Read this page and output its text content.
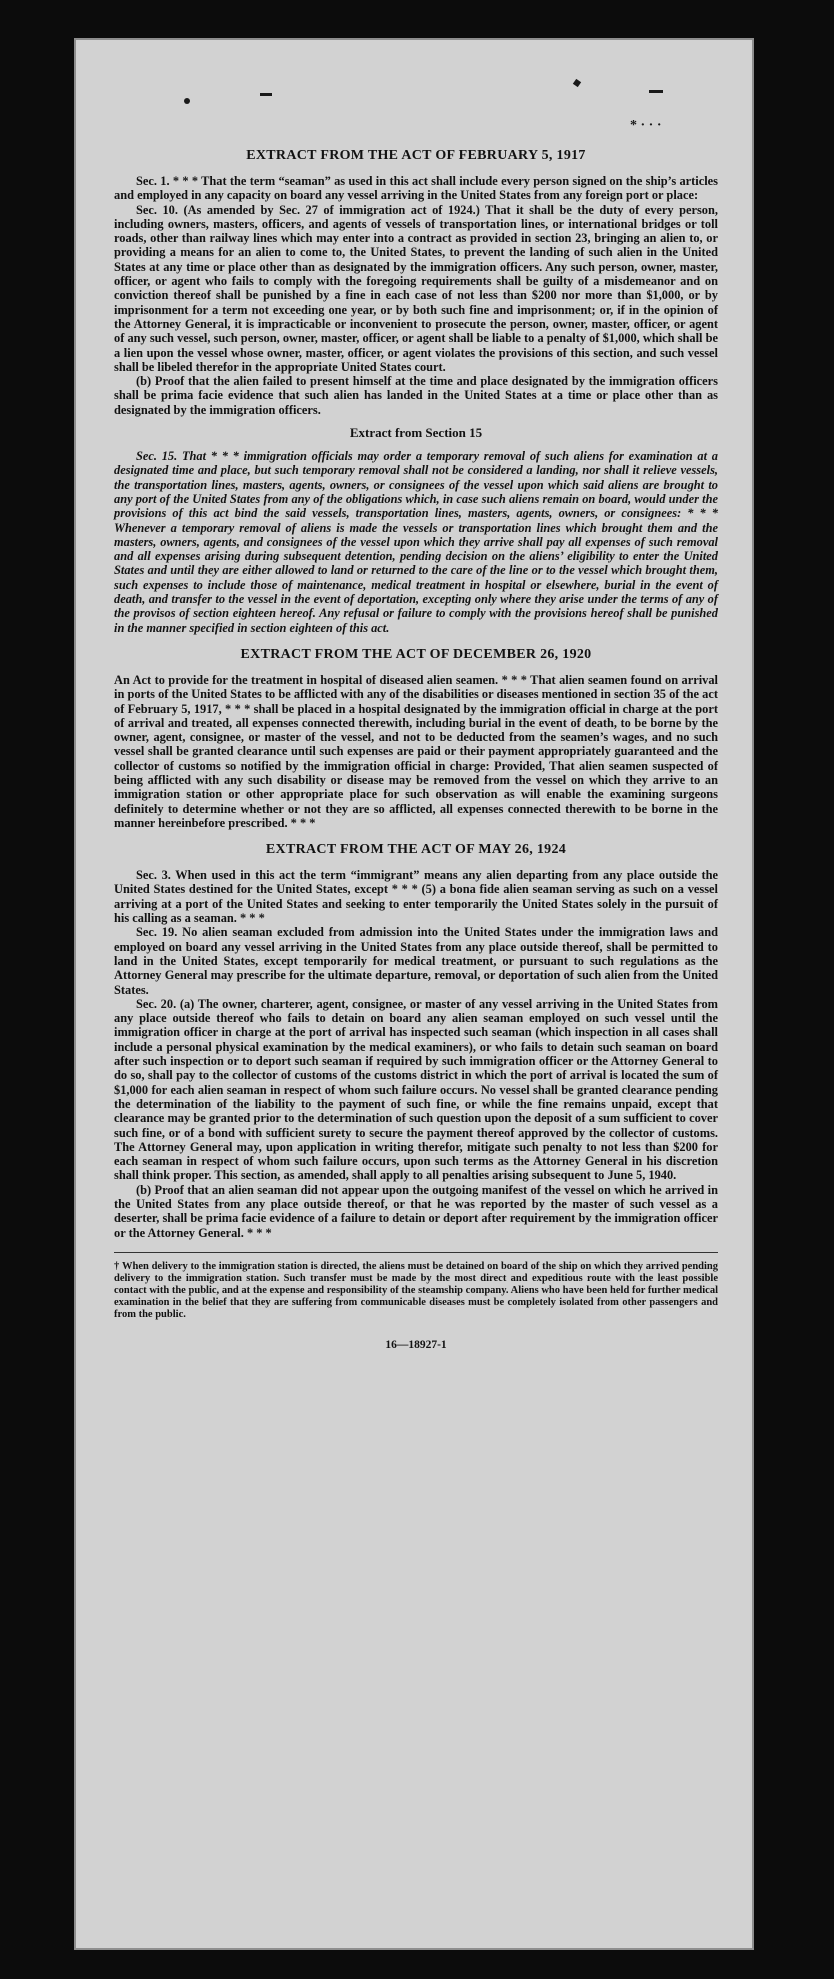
* · · ·
EXTRACT FROM THE ACT OF FEBRUARY 5, 1917

Sec. 1. * * * That the term “seaman” as used in this act shall include every person signed on the ship’s articles and employed in any capacity on board any vessel arriving in the United States from any foreign port or place:

Sec. 10. (As amended by Sec. 27 of immigration act of 1924.) That it shall be the duty of every person, including owners, masters, officers, and agents of vessels of transportation lines, or international bridges or toll roads, other than railway lines which may enter into a contract as provided in section 23, bringing an alien to, or providing a means for an alien to come to, the United States, to prevent the landing of such alien in the United States at any time or place other than as designated by the immigration officers. Any such person, owner, master, officer, or agent who fails to comply with the foregoing requirements shall be guilty of a misdemeanor and on conviction thereof shall be punished by a fine in each case of not less than $200 nor more than $1,000, or by imprisonment for a term not exceeding one year, or by both such fine and imprisonment; or, if in the opinion of the Attorney General, it is impracticable or inconvenient to prosecute the person, owner, master, officer, or agent of any such vessel, such person, owner, master, officer, or agent shall be liable to a penalty of $1,000, which shall be a lien upon the vessel whose owner, master, officer, or agent violates the provisions of this section, and such vessel shall be libeled therefor in the appropriate United States court.

(b) Proof that the alien failed to present himself at the time and place designated by the immigration officers shall be prima facie evidence that such alien has landed in the United States at a time or place other than as designated by the immigration officers.

Extract from Section 15

Sec. 15. That * * * immigration officials may order a temporary removal of such aliens for examination at a designated time and place, but such temporary removal shall not be considered a landing, nor shall it relieve vessels, the transportation lines, masters, agents, owners, or consignees of the vessel upon which said aliens are brought to any port of the United States from any of the obligations which, in case such aliens remain on board, would under the provisions of this act bind the said vessels, transportation lines, masters, agents, owners, or consignees: * * * Whenever a temporary removal of aliens is made the vessels or transportation lines which brought them and the masters, owners, agents, and consignees of the vessel upon which they arrive shall pay all expenses of such removal and all expenses arising during subsequent detention, pending decision on the aliens’ eligibility to enter the United States and until they are either allowed to land or returned to the care of the line or to the vessel which brought them, such expenses to include those of maintenance, medical treatment in hospital or elsewhere, burial in the event of death, and transfer to the vessel in the event of deportation, excepting only where they arise under the terms of any of the provisos of section eighteen hereof. Any refusal or failure to comply with the provisions hereof shall be punished in the manner specified in section eighteen of this act.

EXTRACT FROM THE ACT OF DECEMBER 26, 1920

An Act to provide for the treatment in hospital of diseased alien seamen. * * * That alien seamen found on arrival in ports of the United States to be afflicted with any of the disabilities or diseases mentioned in section 35 of the act of February 5, 1917, * * * shall be placed in a hospital designated by the immigration official in charge at the port of arrival and treated, all expenses connected therewith, including burial in the event of death, to be borne by the owner, agent, consignee, or master of the vessel, and not to be deducted from the seamen’s wages, and no such vessel shall be granted clearance until such expenses are paid or their payment appropriately guaranteed and the collector of customs so notified by the immigration official in charge: Provided, That alien seamen suspected of being afflicted with any such disability or disease may be removed from the vessel on which they arrive to an immigration station or other appropriate place for such observation as will enable the examining surgeons definitely to determine whether or not they are so afflicted, all expenses connected therewith to be borne in the manner hereinbefore prescribed. * * *

EXTRACT FROM THE ACT OF MAY 26, 1924

Sec. 3. When used in this act the term “immigrant” means any alien departing from any place outside the United States destined for the United States, except * * * (5) a bona fide alien seaman serving as such on a vessel arriving at a port of the United States and seeking to enter temporarily the United States solely in the pursuit of his calling as a seaman. * * *

Sec. 19. No alien seaman excluded from admission into the United States under the immigration laws and employed on board any vessel arriving in the United States from any place outside thereof, shall be permitted to land in the United States, except temporarily for medical treatment, or pursuant to such regulations as the Attorney General may prescribe for the ultimate departure, removal, or deportation of such alien from the United States.

Sec. 20. (a) The owner, charterer, agent, consignee, or master of any vessel arriving in the United States from any place outside thereof who fails to detain on board any alien seaman employed on such vessel until the immigration officer in charge at the port of arrival has inspected such seaman (which inspection in all cases shall include a personal physical examination by the medical examiners), or who fails to detain such seaman on board after such inspection or to deport such seaman if required by such immigration officer or the Attorney General to do so, shall pay to the collector of customs of the customs district in which the port of arrival is located the sum of $1,000 for each alien seaman in respect of whom such failure occurs. No vessel shall be granted clearance pending the determination of the liability to the payment of such fine, or while the fine remains unpaid, except that clearance may be granted prior to the determination of such question upon the deposit of a sum sufficient to cover such fine, or of a bond with sufficient surety to secure the payment thereof approved by the collector of customs. The Attorney General may, upon application in writing therefor, mitigate such penalty to not less than $200 for each seaman in respect of whom such failure occurs, upon such terms as the Attorney General in his discretion shall think proper. This section, as amended, shall apply to all penalties arising subsequent to June 5, 1940.

(b) Proof that an alien seaman did not appear upon the outgoing manifest of the vessel on which he arrived in the United States from any place outside thereof, or that he was reported by the master of such vessel as a deserter, shall be prima facie evidence of a failure to detain or deport after requirement by the immigration officer or the Attorney General. * * *

† When delivery to the immigration station is directed, the aliens must be detained on board of the ship on which they arrived pending delivery to the immigration station. Such transfer must be made by the most direct and expeditious route with the least possible contact with the public, and at the expense and responsibility of the steamship company. Aliens who have been held for further medical examination in the belief that they are suffering from communicable diseases must be completely isolated from other passengers and from the public.
16—18927-1
